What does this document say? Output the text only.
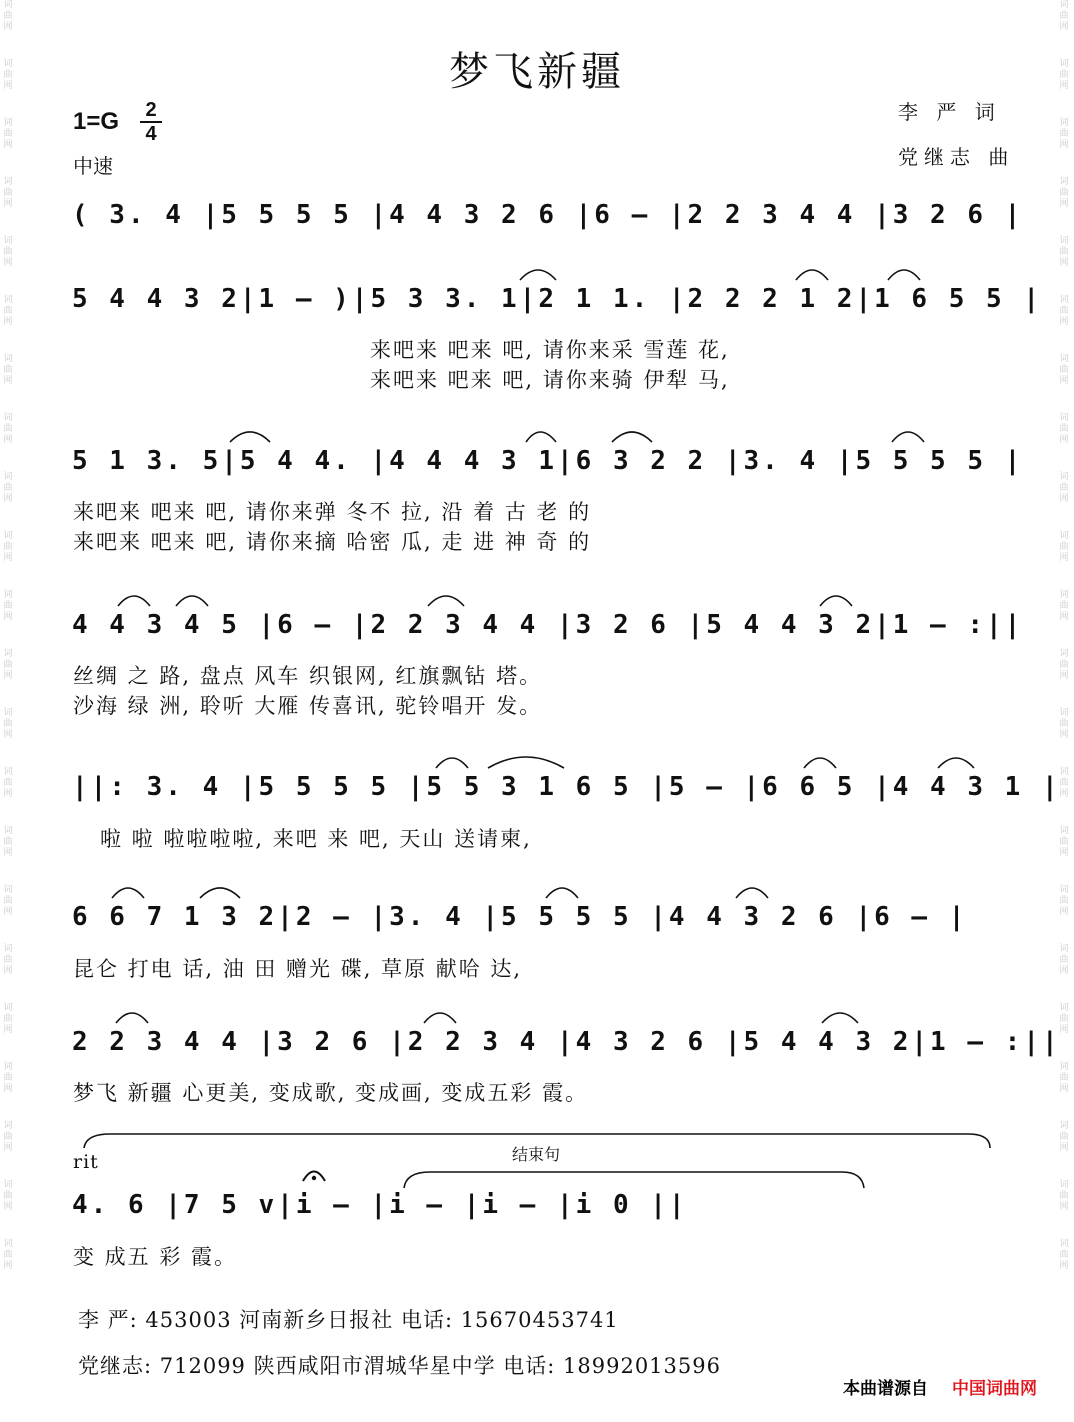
词曲网
词曲网
词曲网
词曲网
词曲网
词曲网
词曲网
词曲网
词曲网
词曲网
词曲网
词曲网
词曲网
词曲网
词曲网
词曲网
词曲网
词曲网
词曲网
词曲网
词曲网
词曲网
词曲网
词曲网
词曲网
词曲网
词曲网
词曲网
词曲网
词曲网
词曲网
词曲网
词曲网
词曲网
词曲网
词曲网
词曲网
词曲网
词曲网
词曲网
词曲网
词曲网
词曲网
词曲网
梦飞新疆
李 严 词
党继志 曲
1=G 2
4
中速
( 3. 4 |5 5 5 5 |4 4 3 2 6 |6 – |2 2 3 4 4 |3 2 6 |
5 4 4 3 2|1 – )|5 3 3. 1|2 1 1. |2 2 2 1 2|1 6 5 5 |
来吧来 吧来 吧, 请你来采 雪莲 花,
来吧来 吧来 吧, 请你来骑 伊犁 马,
5 1 3. 5|5 4 4. |4 4 4 3 1|6 3 2 2 |3. 4 |5 5 5 5 |
来吧来 吧来 吧, 请你来弹 冬不 拉, 沿 着 古 老 的
来吧来 吧来 吧, 请你来摘 哈密 瓜, 走 进 神 奇 的
4 4 3 4 5 |6 – |2 2 3 4 4 |3 2 6 |5 4 4 3 2|1 – :||
丝绸 之 路, 盘点 风车 织银网, 红旗飘钻 塔。
沙海 绿 洲, 聆听 大雁 传喜讯, 驼铃唱开 发。
||: 3. 4 |5 5 5 5 |5 5 3 1 6 5 |5 – |6 6 5 |4 4 3 1 |
啦 啦 啦啦啦啦, 来吧 来 吧, 天山 送请柬,
6 6 7 1 3 2|2 – |3. 4 |5 5 5 5 |4 4 3 2 6 |6 – |
昆仑 打电 话, 油 田 赠光 碟, 草原 献哈 达,
2 2 3 4 4 |3 2 6 |2 2 3 4 |4 3 2 6 |5 4 4 3 2|1 – :||
梦飞 新疆 心更美, 变成歌, 变成画, 变成五彩 霞。
rit	结束句
4. 6 |7 5 v|i – |i – |i – |i 0 ||
变 成五 彩 霞。
李 严: 453003 河南新乡日报社 电话: 15670453741
党继志: 712099 陕西咸阳市渭城华星中学 电话: 18992013596
本曲谱源自 中国词曲网
